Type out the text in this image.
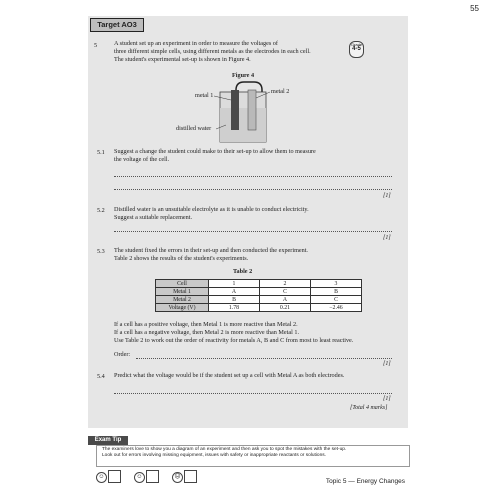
55
Target AO3
5	A student set up an experiment in order to measure the voltages of
three different simple cells, using different metals as the electrodes in each cell.
The student's experimental set-up is shown in Figure 4.
Grade
4-5
Figure 4
metal 1
metal 2
distilled water
5.1 Suggest a change the student could make to their set-up to allow them to measure
the voltage of the cell.
[1]
5.2 Distilled water is an unsuitable electrolyte as it is unable to conduct electricity.
Suggest a suitable replacement.
[1]
5.3 The student fixed the errors in their set-up and then conducted the experiment.
Table 2 shows the results of the student's experiments.
Table 2
Cell	1	2	3
Metal 1	A	C	B
Metal 2	B	A	C
Voltage (V)	1.78	0.21	−2.46
If a cell has a positive voltage, then Metal 1 is more reactive than Metal 2.
If a cell has a negative voltage, then Metal 2 is more reactive than Metal 1.
Use Table 2 to work out the order of reactivity for metals A, B and C from most to least reactive.
Order:
[1]
5.4 Predict what the voltage would be if the student set up a cell with Metal A as both electrodes.
[1]
[Total 4 marks]
Exam Tip
The examiners love to show you a diagram of an experiment and then ask you to spot the mistakes with the set-up.
Look out for errors involving missing equipment, issues with safety or inappropriate reactants or solutions.
☺	☺	☹
Topic 5 — Energy Changes
